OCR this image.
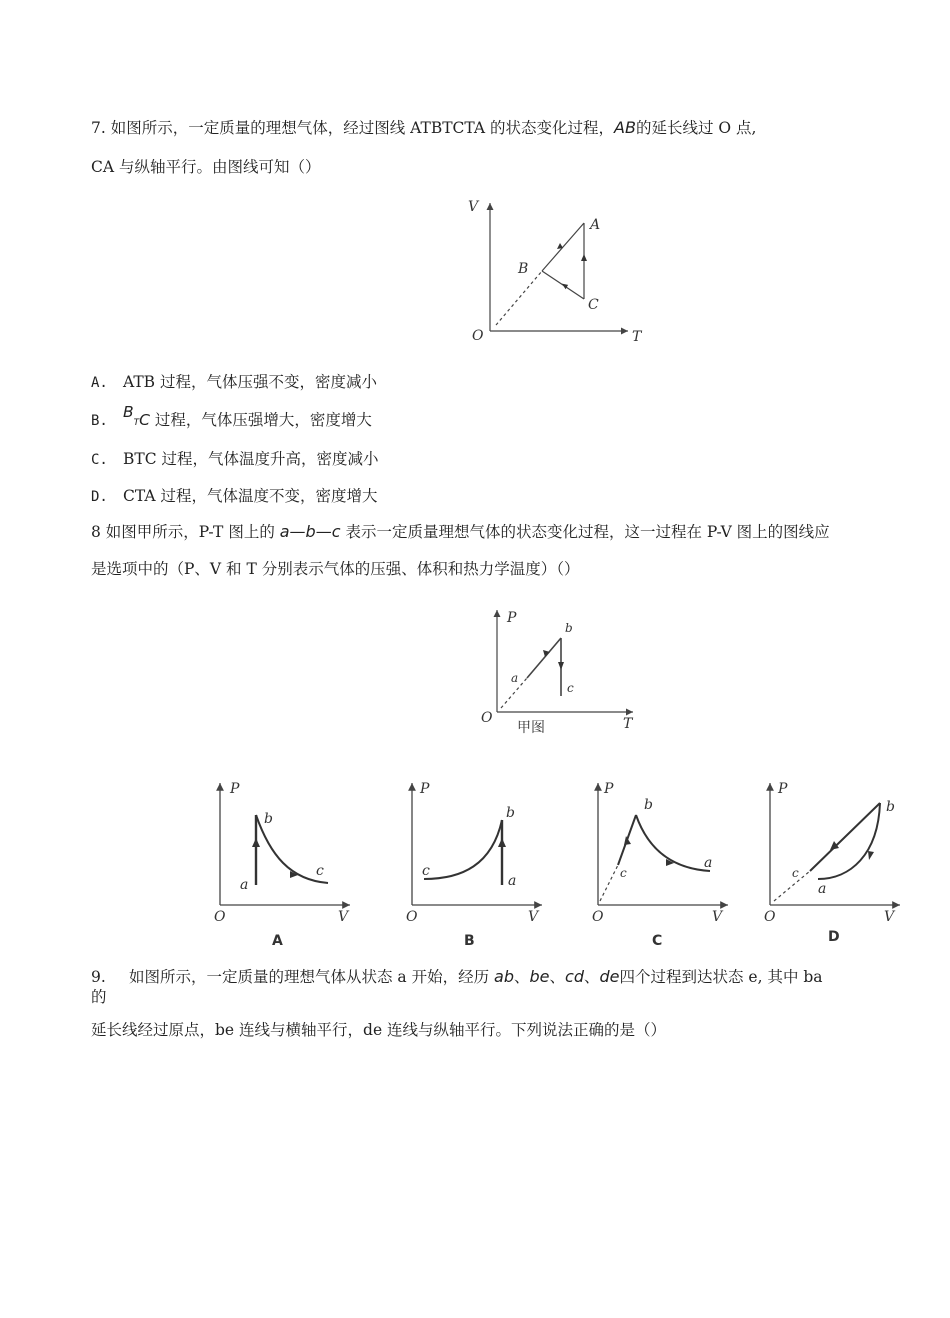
7. 如图所示，一定质量的理想气体，经过图线 ATBTCTA 的状态变化过程，AB的延长线过 O 点,
CA 与纵轴平行。由图线可知（）
V
T
O
A
B
C
A. ATB 过程，气体压强不变，密度减小
B. BTC 过程，气体压强增大，密度增大
C. BTC 过程，气体温度升高，密度减小
D. CTA 过程，气体温度不变，密度增大
8 如图甲所示，P-T 图上的 a—b—c 表示一定质量理想气体的状态变化过程，这一过程在 P-V 图上的图线应
是选项中的（P、V 和 T 分别表示气体的压强、体积和热力学温度）（）
P
T
O
a
b
c
甲图
P
V
O
a
b
c
A
P
V
O
a
b
c
B
P
V
O
a
b
c
C
P
V
O
a
b
c
D
9. 如图所示，一定质量的理想气体从状态 a 开始，经历 ab、be、cd、de四个过程到达状态 e, 其中 ba
的
延长线经过原点，be 连线与横轴平行，de 连线与纵轴平行。下列说法正确的是（）
